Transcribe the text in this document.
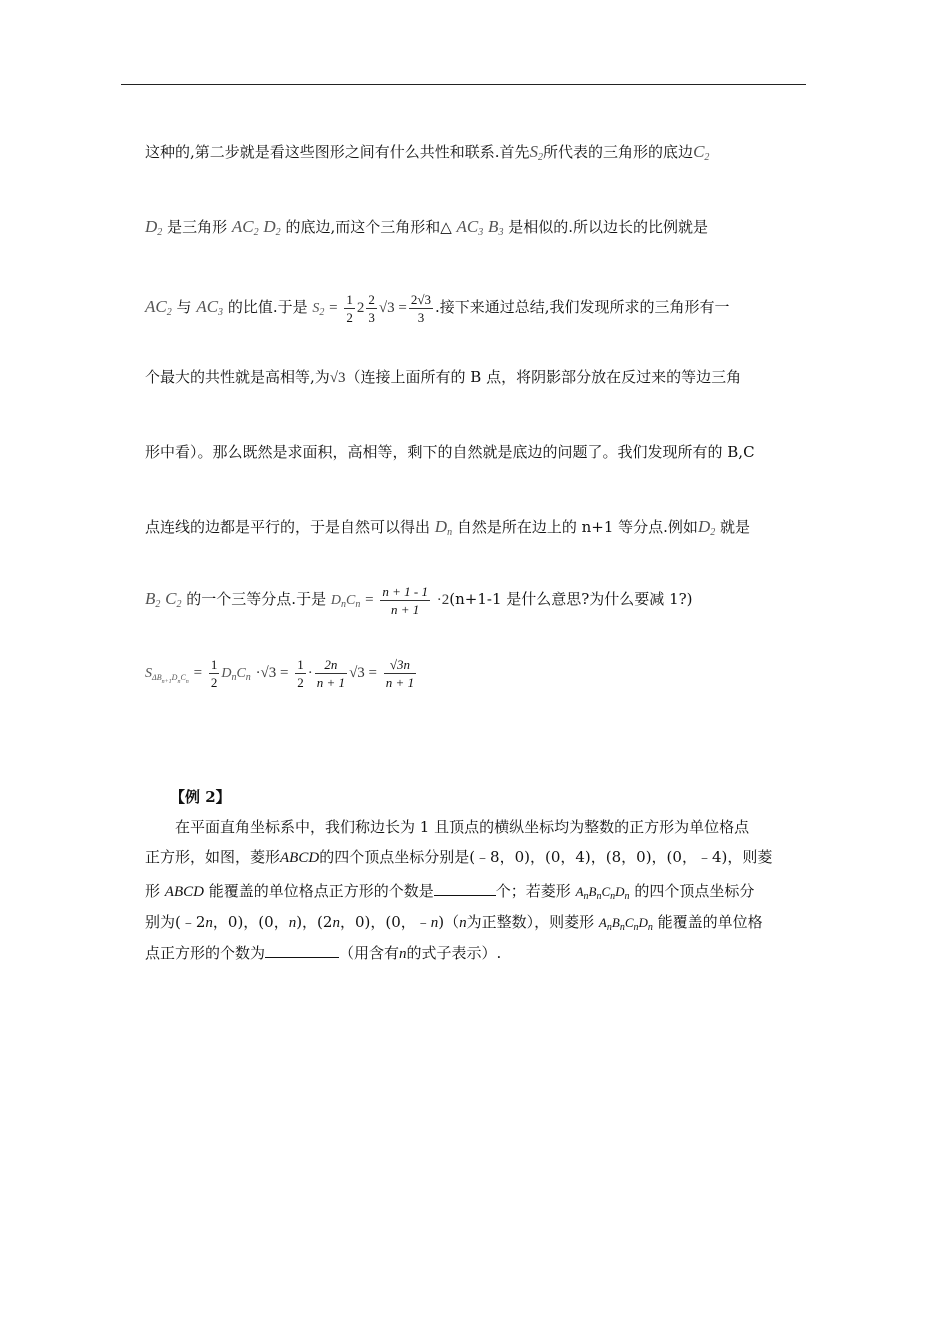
这种的,第二步就是看这些图形之间有什么共性和联系.首先$S_2$所代表的三角形的底边$C_2$
$D_2$ 是三角形 $AC_2$ $D_2$ 的底边,而这个三角形和△ $AC_3$ $B_3$ 是相似的.所以边长的比例就是
$AC_2$ 与 $AC_3$ 的比值.于是 $S_2 = \frac{1}{2} 2 \frac{2}{3} √3 = \frac{2√3}{3}$ .接下来通过总结,我们发现所求的三角形有一
个最大的共性就是高相等,为√3（连接上面所有的 B 点，将阴影部分放在反过来的等边三角
形中看）。那么既然是求面积，高相等，剩下的自然就是底边的问题了。我们发现所有的 B,C
点连线的边都是平行的，于是自然可以得出 $D_n$ 自然是所在边上的 n+1 等分点.例如$D_2$ 就是
$B_2$ $C_2$ 的一个三等分点.于是 $D_nC_n = \frac{n + 1 - 1}{n + 1} \cdot 2(n+1-1$ 是什么意思?为什么要减 1?)
$S_{\Delta B_{n+1}D_nC_n} = \frac{1}{2} D_nC_n \cdot√3 = \frac{1}{2} \cdot \frac{2n}{n + 1} √3 = \frac{√3n}{n + 1}$
【例 2】
在平面直角坐标系中，我们称边长为 1 且顶点的横纵坐标均为整数的正方形为单位格点
正方形，如图，菱形ABCD的四个顶点坐标分别是(﹣8，0)，(0，4)，(8，0)，(0，﹣4)，则菱
形 ABCD 能覆盖的单位格点正方形的个数是	个；若菱形 $A_nB_nC_nD_n$ 的四个顶点坐标分
别为(﹣2n，0)，(0，n)，(2n，0)，(0，﹣n)（n为正整数），则菱形 $A_nB_nC_nD_n$ 能覆盖的单位格
点正方形的个数为	（用含有n的式子表示）.
